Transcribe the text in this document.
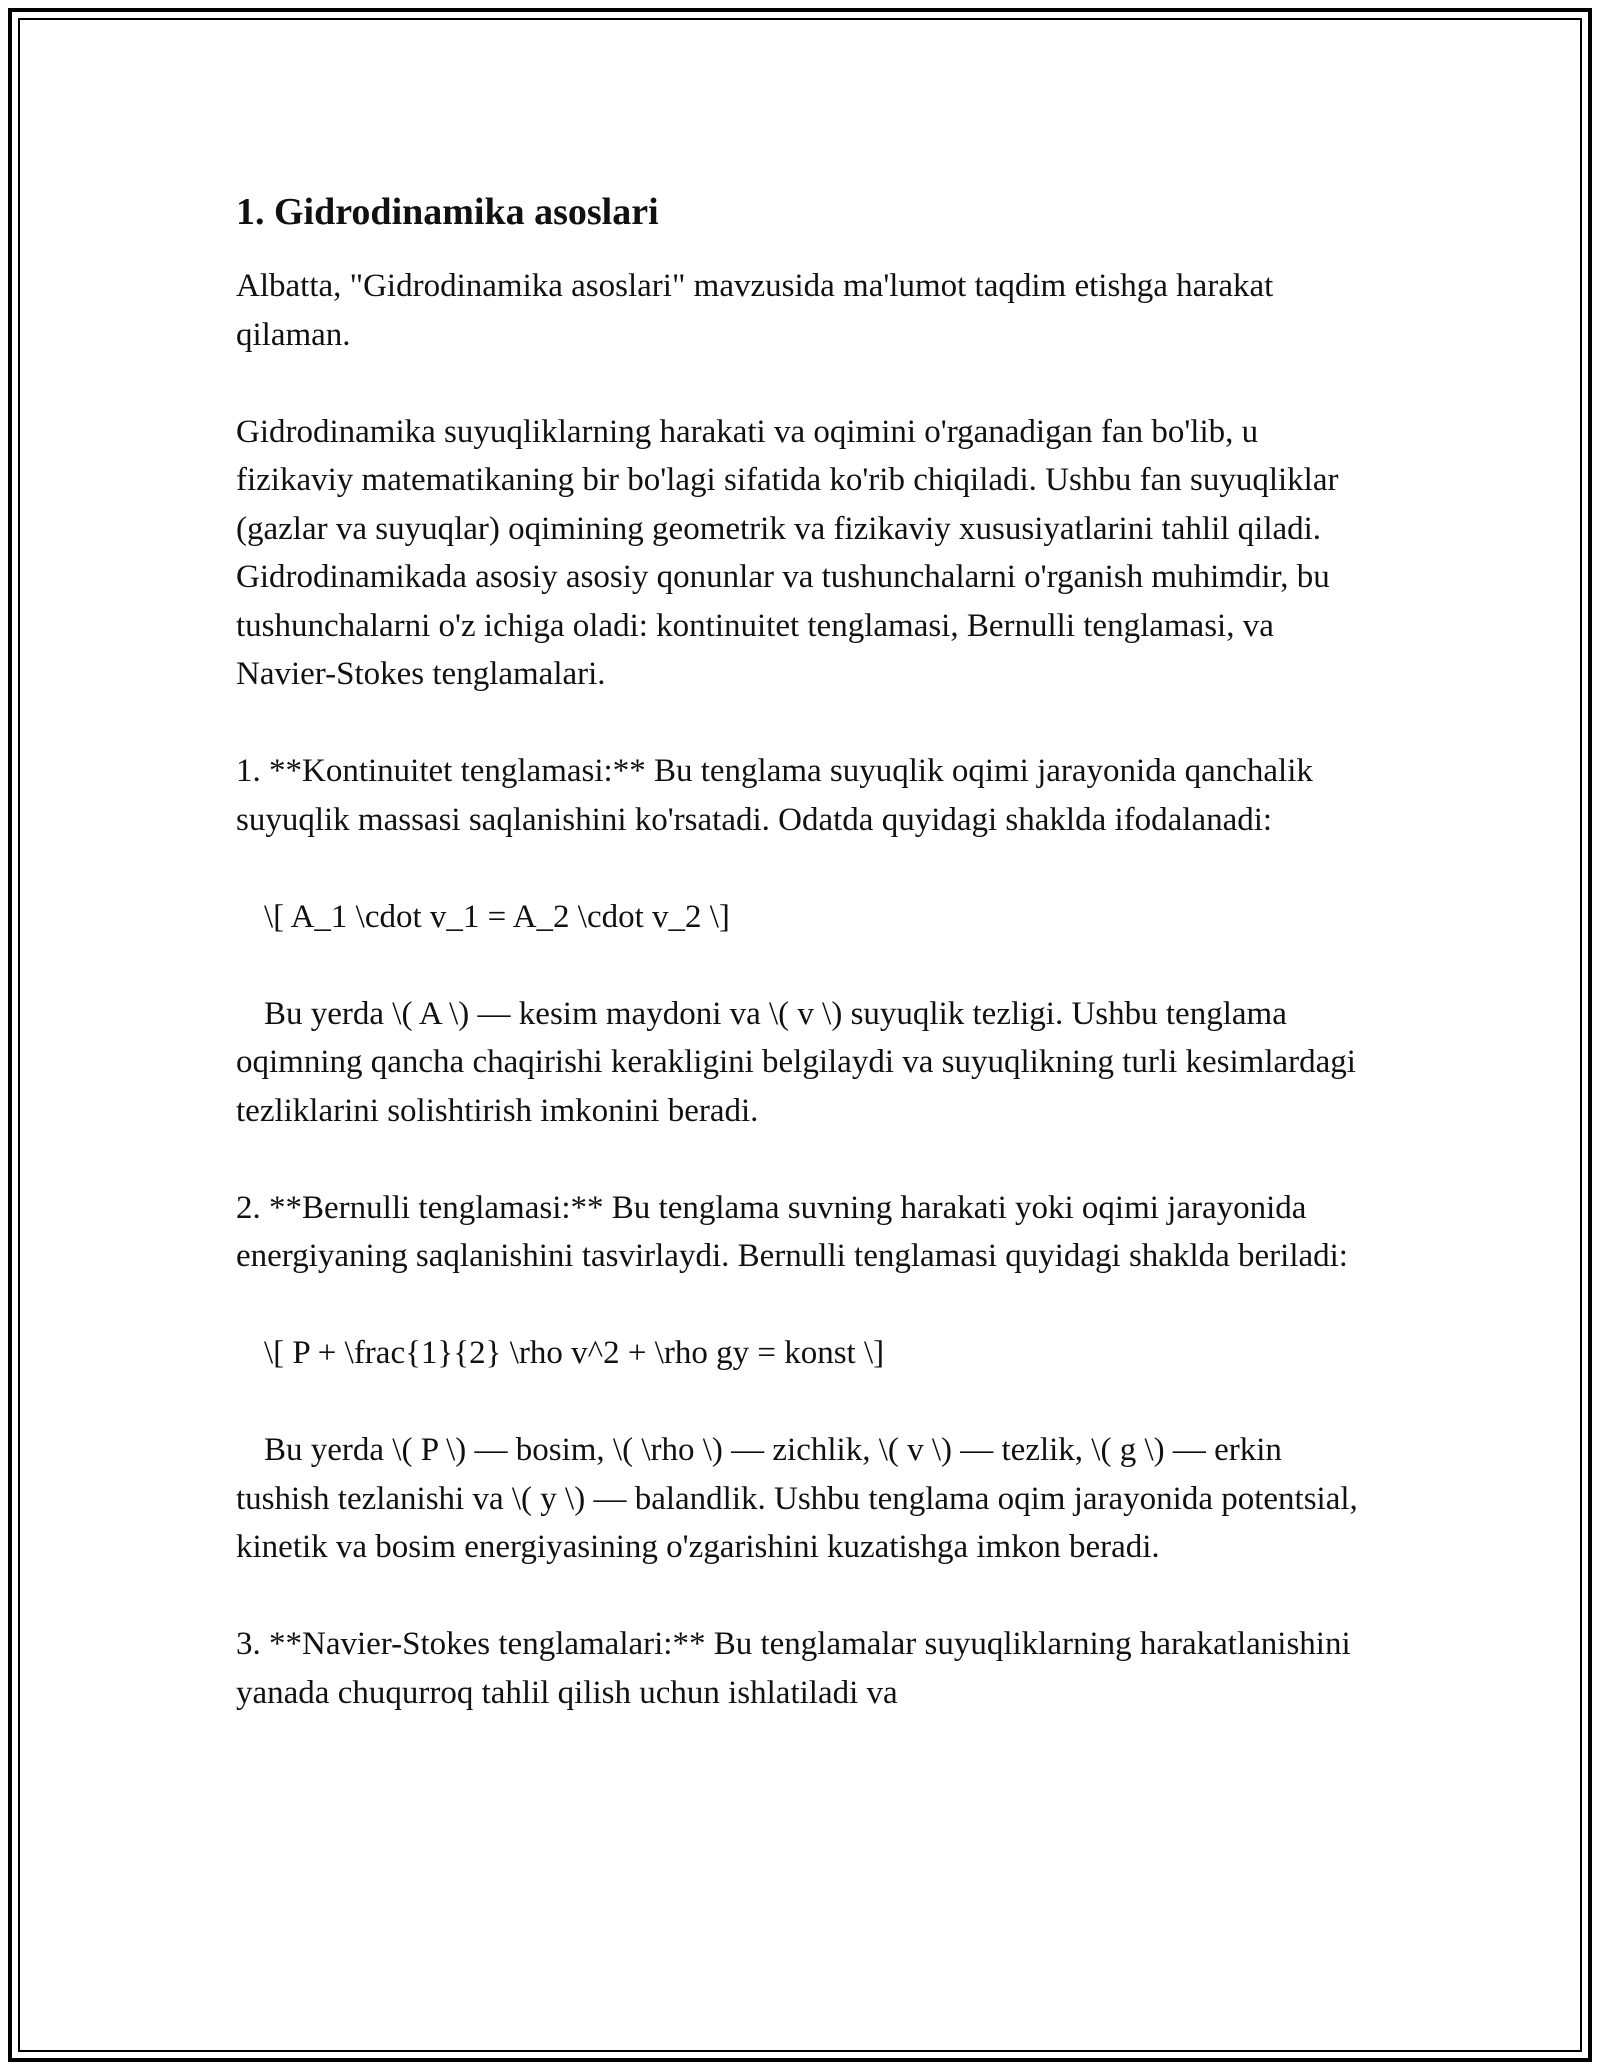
1. Gidrodinamika asoslari

Albatta, "Gidrodinamika asoslari" mavzusida ma'lumot taqdim etishga harakat qilaman.

Gidrodinamika suyuqliklarning harakati va oqimini o'rganadigan fan bo'lib, u fizikaviy matematikaning bir bo'lagi sifatida ko'rib chiqiladi. Ushbu fan suyuqliklar (gazlar va suyuqlar) oqimining geometrik va fizikaviy xususiyatlarini tahlil qiladi. Gidrodinamikada asosiy asosiy qonunlar va tushunchalarni o'rganish muhimdir, bu tushunchalarni o'z ichiga oladi: kontinuitet tenglamasi, Bernulli tenglamasi, va Navier-Stokes tenglamalari.

1. **Kontinuitet tenglamasi:** Bu tenglama suyuqlik oqimi jarayonida qanchalik suyuqlik massasi saqlanishini ko'rsatadi. Odatda quyidagi shaklda ifodalanadi:

\[ A_1 \cdot v_1 = A_2 \cdot v_2 \]

Bu yerda \( A \) — kesim maydoni va \( v \) suyuqlik tezligi. Ushbu tenglama oqimning qancha chaqirishi kerakligini belgilaydi va suyuqlikning turli kesimlardagi tezliklarini solishtirish imkonini beradi.

2. **Bernulli tenglamasi:** Bu tenglama suvning harakati yoki oqimi jarayonida energiyaning saqlanishini tasvirlaydi. Bernulli tenglamasi quyidagi shaklda beriladi:

\[ P + \frac{1}{2} \rho v^2 + \rho gy = konst \]

Bu yerda \( P \) — bosim, \( \rho \) — zichlik, \( v \) — tezlik, \( g \) — erkin tushish tezlanishi va \( y \) — balandlik. Ushbu tenglama oqim jarayonida potentsial, kinetik va bosim energiyasining o'zgarishini kuzatishga imkon beradi.

3. **Navier-Stokes tenglamalari:** Bu tenglamalar suyuqliklarning harakatlanishini yanada chuqurroq tahlil qilish uchun ishlatiladi va
